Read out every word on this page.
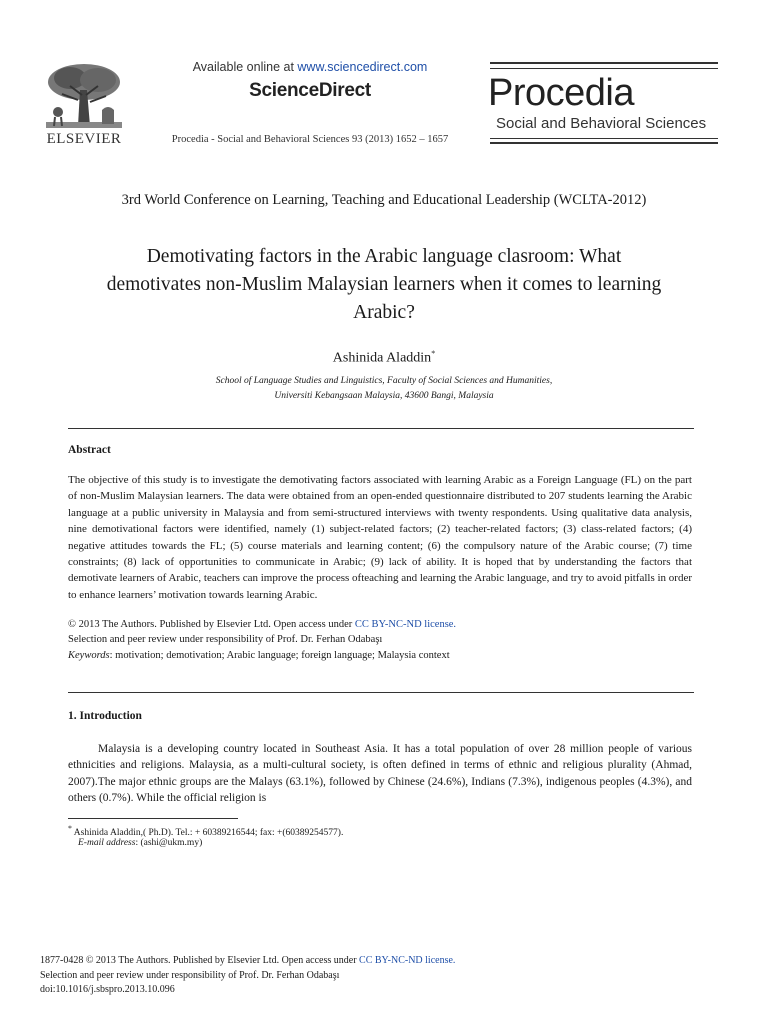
ELSEVIER
Available online at www.sciencedirect.com
ScienceDirect
Procedia - Social and Behavioral Sciences 93 (2013) 1652 – 1657
Procedia
Social and Behavioral Sciences
3rd World Conference on Learning, Teaching and Educational Leadership (WCLTA-2012)
Demotivating factors in the Arabic language clasroom: What
demotivates non-Muslim Malaysian learners when it comes to learning
Arabic?
Ashinida Aladdin*
School of Language Studies and Linguistics, Faculty of Social Sciences and Humanities,
Universiti Kebangsaan Malaysia, 43600 Bangi, Malaysia
Abstract
The objective of this study is to investigate the demotivating factors associated with learning Arabic as a Foreign Language (FL) on the part of non-Muslim Malaysian learners. The data were obtained from an open-ended questionnaire distributed to 207 students learning the Arabic language at a public university in Malaysia and from semi-structured interviews with twenty respondents. Using qualitative data analysis, nine demotivational factors were identified, namely (1) subject-related factors; (2) teacher-related factors; (3) class-related factors; (4) negative attitudes towards the FL; (5) course materials and learning content; (6) the compulsory nature of the Arabic course; (7) time constraints; (8) lack of opportunities to communicate in Arabic; (9) lack of ability. It is hoped that by understanding the factors that demotivate learners of Arabic, teachers can improve the process ofteaching and learning the Arabic language, and try to avoid pitfalls in order to enhance learners’ motivation towards learning Arabic.
© 2013 The Authors. Published by Elsevier Ltd. Open access under CC BY-NC-ND license.
Selection and peer review under responsibility of Prof. Dr. Ferhan Odabaşı
Keywords: motivation; demotivation; Arabic language; foreign language; Malaysia context
1. Introduction
Malaysia is a developing country located in Southeast Asia. It has a total population of over 28 million people of various ethnicities and religions. Malaysia, as a multi-cultural society, is often defined in terms of ethnic and religious plurality (Ahmad, 2007).The major ethnic groups are the Malays (63.1%), followed by Chinese (24.6%), Indians (7.3%), indigenous peoples (4.3%), and others (0.7%). While the official religion is
* Ashinida Aladdin,( Ph.D). Tel.: + 60389216544; fax: +(60389254577).
E-mail address: (ashi@ukm.my)
1877-0428 © 2013 The Authors. Published by Elsevier Ltd. Open access under CC BY-NC-ND license.
Selection and peer review under responsibility of Prof. Dr. Ferhan Odabaşı
doi:10.1016/j.sbspro.2013.10.096
